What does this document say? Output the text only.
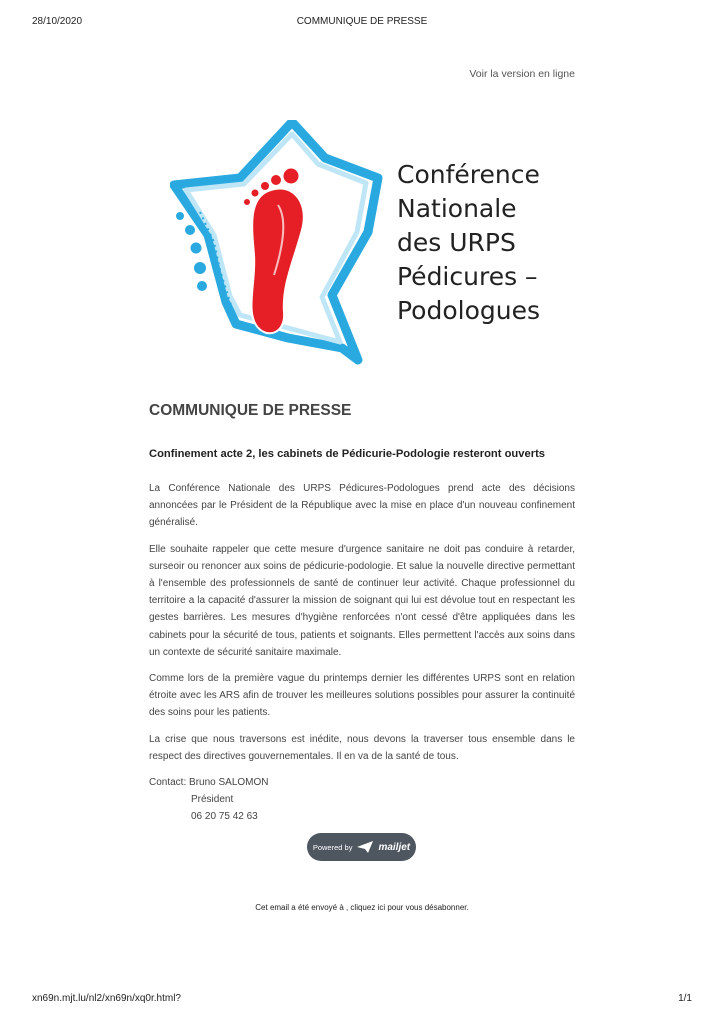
28/10/2020	COMMUNIQUE DE PRESSE
Voir la version en ligne
Conférence
Nationale
des URPS
Pédicures –
Podologues
COMMUNIQUE DE PRESSE
Confinement acte 2, les cabinets de Pédicurie-Podologie resteront ouverts

La Conférence Nationale des URPS Pédicures-Podologues prend acte des décisions annoncées par le Président de la République avec la mise en place d'un nouveau confinement généralisé.

Elle souhaite rappeler que cette mesure d'urgence sanitaire ne doit pas conduire à retarder, surseoir ou renoncer aux soins de pédicurie-podologie. Et salue la nouvelle directive permettant à l'ensemble des professionnels de santé de continuer leur activité. Chaque professionnel du territoire a la capacité d'assurer la mission de soignant qui lui est dévolue tout en respectant les gestes barrières. Les mesures d'hygiène renforcées n'ont cessé d'être appliquées dans les cabinets pour la sécurité de tous, patients et soignants. Elles permettent l'accès aux soins dans un contexte de sécurité sanitaire maximale.

Comme lors de la première vague du printemps dernier les différentes URPS sont en relation étroite avec les ARS afin de trouver les meilleures solutions possibles pour assurer la continuité des soins pour les patients.

La crise que nous traversons est inédite, nous devons la traverser tous ensemble dans le respect des directives gouvernementales. Il en va de la santé de tous.

Contact: Bruno SALOMON
Président
06 20 75 42 63
Powered by	mailjet
Cet email a été envoyé à , cliquez ici pour vous désabonner.
xn69n.mjt.lu/nl2/xn69n/xq0r.html?	1/1
